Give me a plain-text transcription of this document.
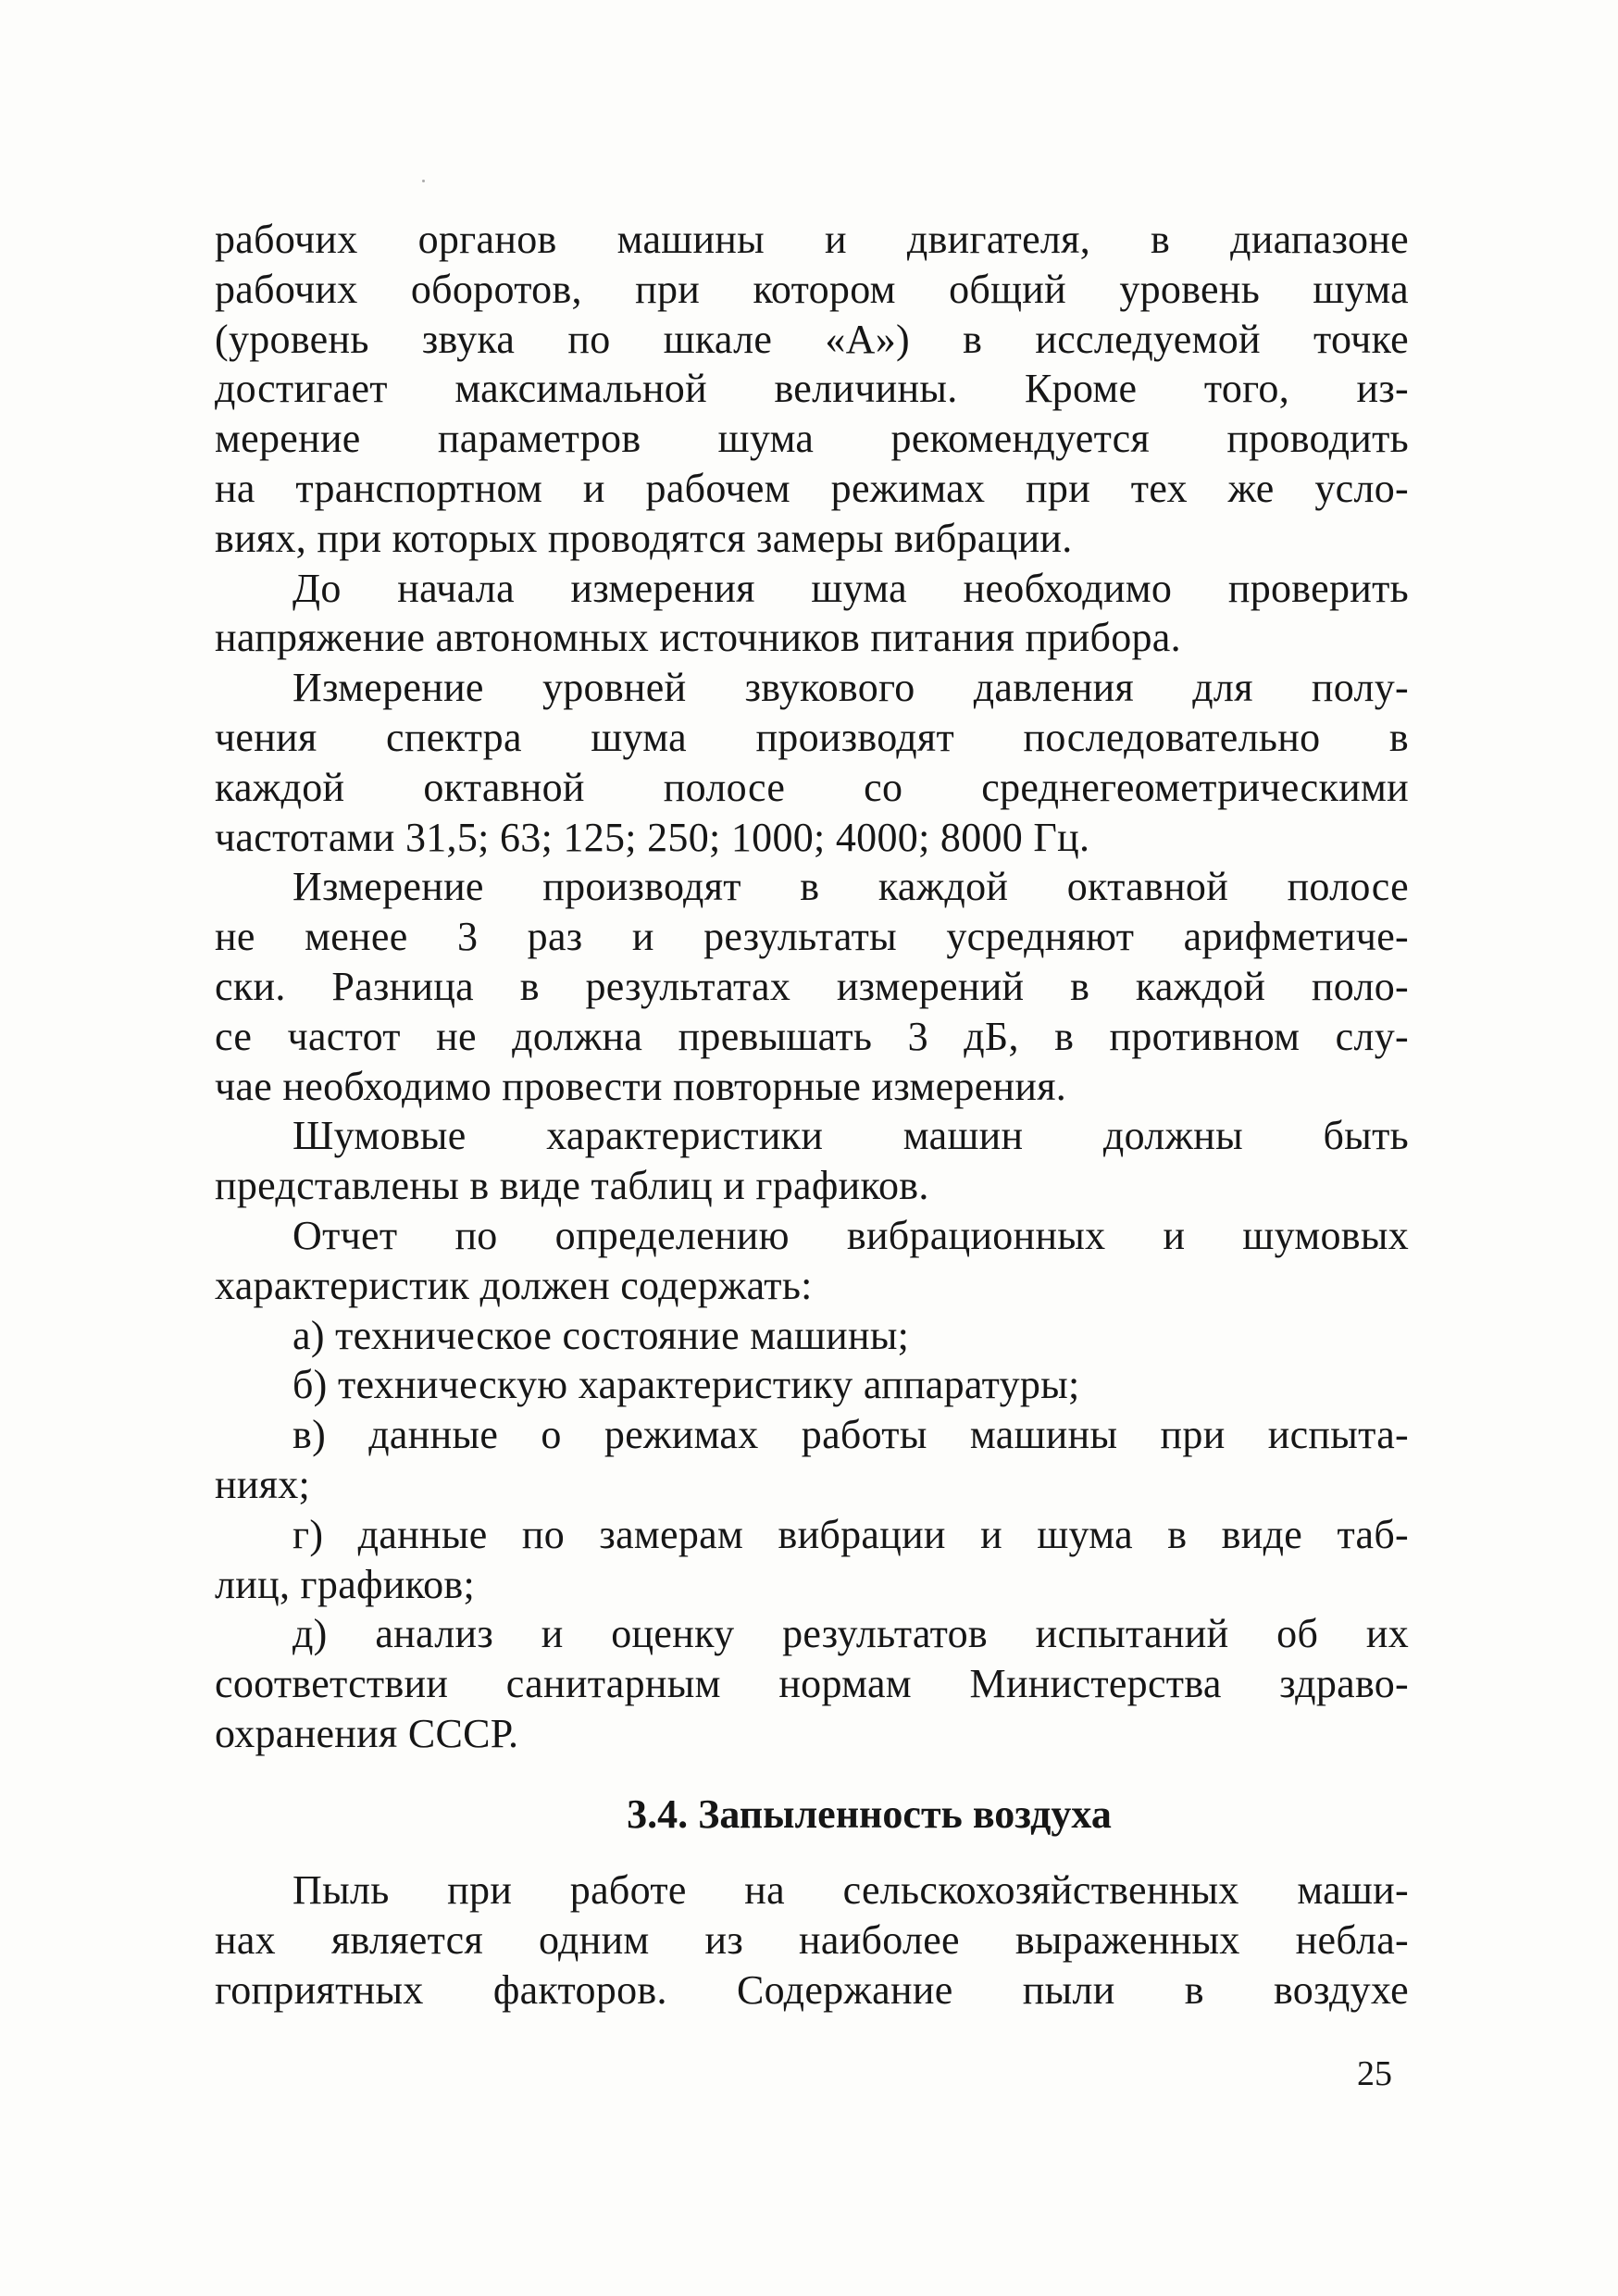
рабочих органов машины и двигателя, в диапазоне
рабочих оборотов, при котором общий уровень шума
(уровень звука по шкале «А») в исследуемой точке
достигает максимальной величины. Кроме того, из-
мерение параметров шума рекомендуется проводить
на транспортном и рабочем режимах при тех же усло-
виях, при которых проводятся замеры вибрации.
До начала измерения шума необходимо проверить
напряжение автономных источников питания прибора.
Измерение уровней звукового давления для полу-
чения спектра шума производят последовательно в
каждой октавной полосе со среднегеометрическими
частотами 31,5; 63; 125; 250; 1000; 4000; 8000 Гц.
Измерение производят в каждой октавной полосе
не менее 3 раз и результаты усредняют арифметиче-
ски. Разница в результатах измерений в каждой поло-
се частот не должна превышать 3 дБ, в противном слу-
чае необходимо провести повторные измерения.
Шумовые характеристики машин должны быть
представлены в виде таблиц и графиков.
Отчет по определению вибрационных и шумовых
характеристик должен содержать:
а) техническое состояние машины;
б) техническую характеристику аппаратуры;
в) данные о режимах работы машины при испыта-
ниях;
г) данные по замерам вибрации и шума в виде таб-
лиц, графиков;
д) анализ и оценку результатов испытаний об их
соответствии санитарным нормам Министерства здраво-
охранения СССР.
3.4. Запыленность воздуха
Пыль при работе на сельскохозяйственных маши-
нах является одним из наиболее выраженных небла-
гоприятных факторов. Содержание пыли в воздухе
25
